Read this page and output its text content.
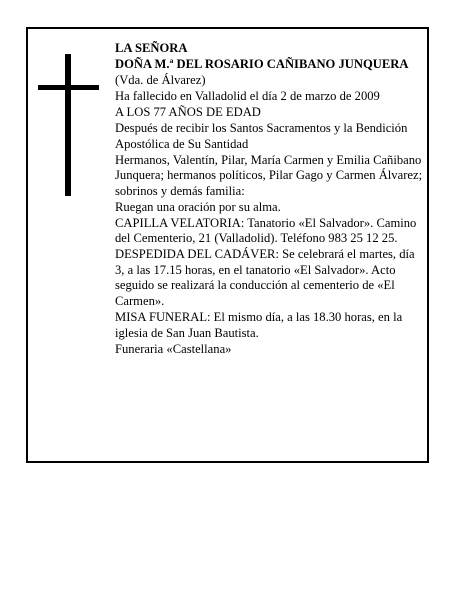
LA SEÑORA

DOÑA M.ª DEL ROSARIO CAÑIBANO JUNQUERA

(Vda. de Álvarez)

Ha fallecido en Valladolid el día 2 de marzo de 2009

A LOS 77 AÑOS DE EDAD

Después de recibir los Santos Sacramentos y la Bendición Apostólica de Su Santidad

Hermanos, Valentín, Pilar, María Carmen y Emilia Cañibano Junquera; hermanos políticos, Pilar Gago y Carmen Álvarez; sobrinos y demás familia:

Ruegan una oración por su alma.

CAPILLA VELATORIA: Tanatorio «El Salvador». Camino del Cementerio, 21 (Valladolid). Teléfono 983 25 12 25.

DESPEDIDA DEL CADÁVER: Se celebrará el martes, día 3, a las 17.15 horas, en el tanatorio «El Salvador». Acto seguido se realizará la conducción al cementerio de «El Carmen».

MISA FUNERAL: El mismo día, a las 18.30 horas, en la iglesia de San Juan Bautista.

Funeraria «Castellana»
